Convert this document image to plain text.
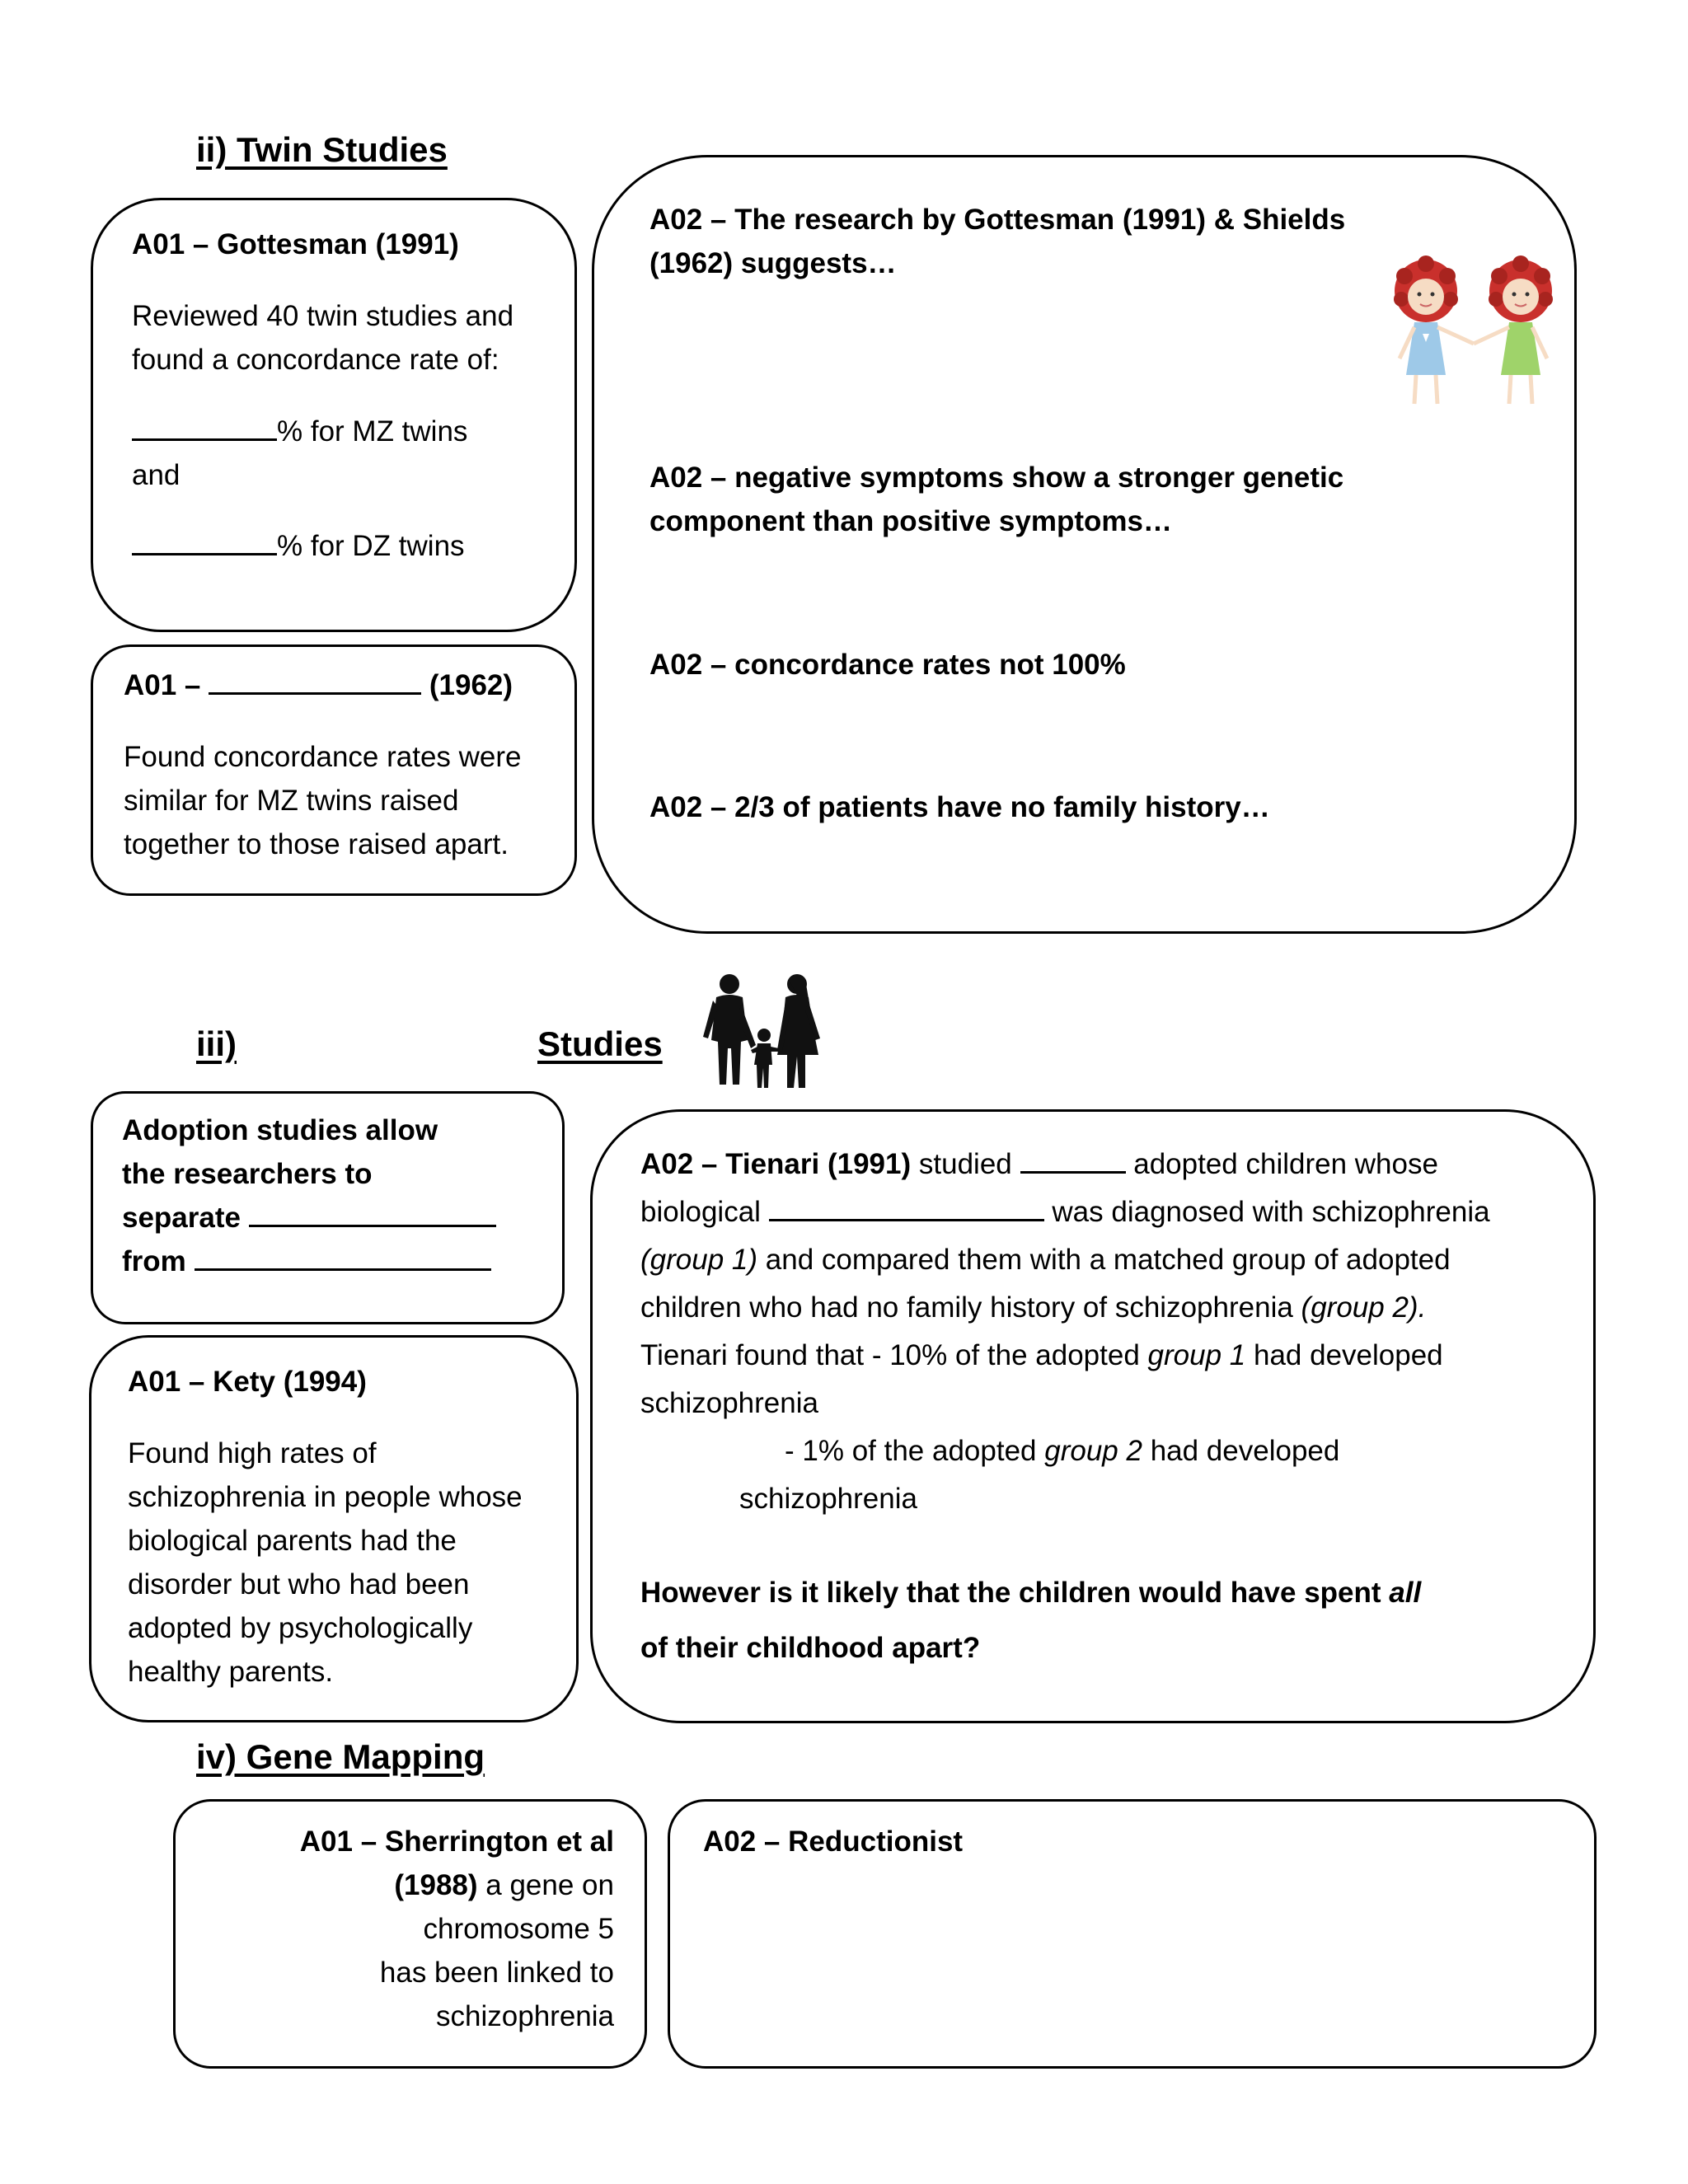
ii) Twin Studies
A01 – Gottesman (1991)
Reviewed 40 twin studies and
found a concordance rate of:
% for MZ twins
and
% for DZ twins
A01 –	(1962)
Found concordance rates were
similar for MZ twins raised
together to those raised apart.
A02 – The research by Gottesman (1991) & Shields
(1962) suggests…
A02 – negative symptoms show a stronger genetic
component than positive symptoms…
A02 – concordance rates not 100%
A02 – 2/3 of patients have no family history…
iii)	Studies
Adoption studies allow
the researchers to
separate
from
A01 – Kety (1994)
Found high rates of
schizophrenia in people whose
biological parents had the
disorder but who had been
adopted by psychologically
healthy parents.
A02 – Tienari (1991) studied	adopted children whose
biological	was diagnosed with schizophrenia
(group 1) and compared them with a matched group of adopted
children who had no family history of schizophrenia (group 2).
Tienari found that - 10% of the adopted group 1 had developed
schizophrenia
- 1% of the adopted group 2 had developed
schizophrenia
However is it likely that the children would have spent all
of their childhood apart?
iv) Gene Mapping
A01 – Sherrington et al
(1988) a gene on
chromosome 5
has been linked to
schizophrenia
A02 – Reductionist
